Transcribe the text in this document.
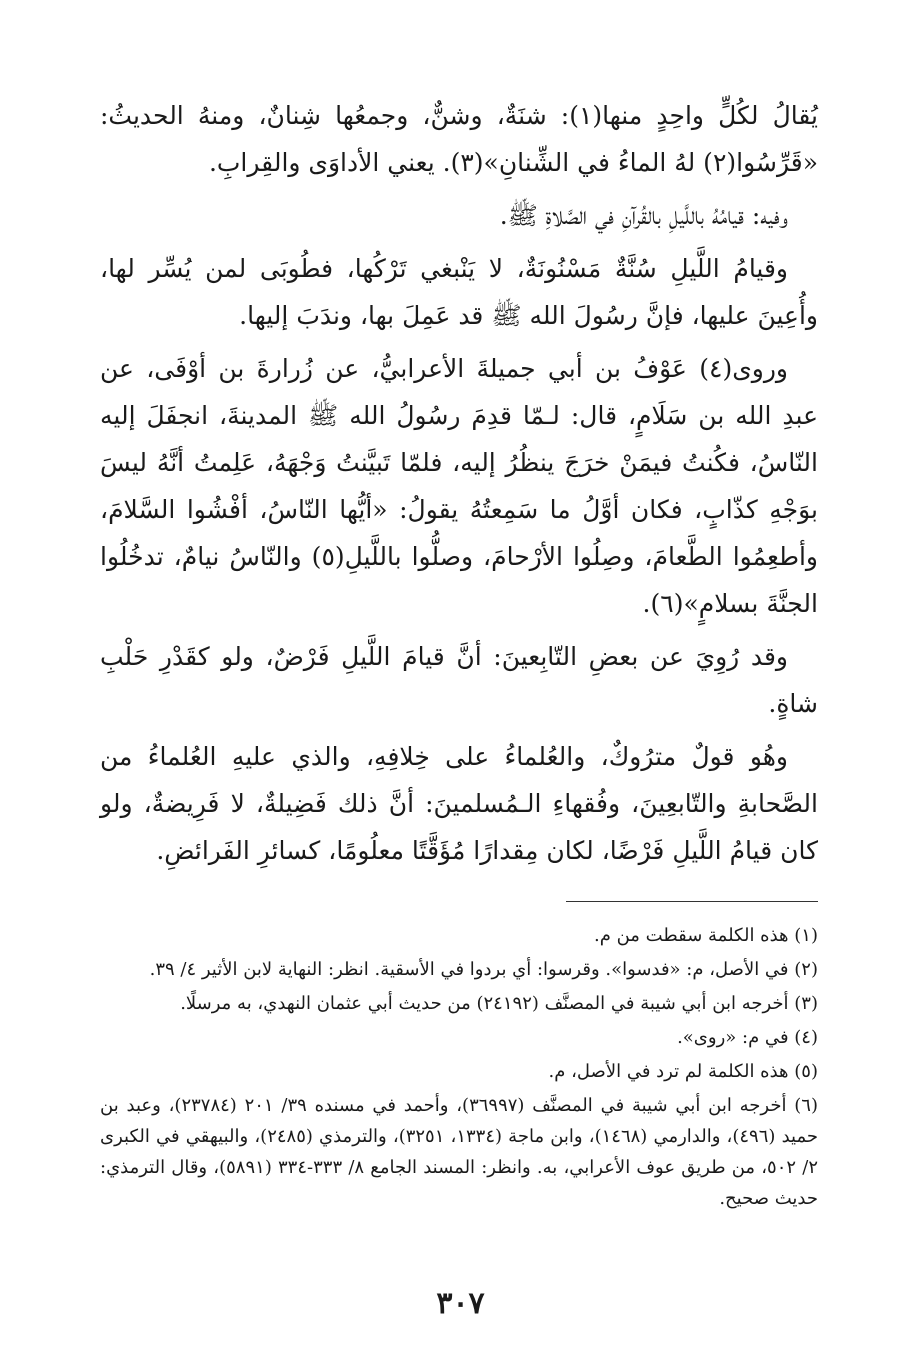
يُقالُ لكُلٍّ واحِدٍ منها(١): شنَةٌ، وشنٌّ، وجمعُها شِنانٌ، ومنهُ الحديثُ: «قَرِّسُوا(٢) لهُ الماءُ في الشِّنانِ»(٣). يعني الأداوَى والقِرابِ.

وفيه: قيامُهُ باللَّيلِ بالقُرآنِ في الصَّلاةِ ﷺ.

وقيامُ اللَّيلِ سُنَّةٌ مَسْنُونَةٌ، لا يَنْبغي تَرْكُها، فطُوبَى لمن يُسِّر لها، وأُعِينَ عليها، فإنَّ رسُولَ الله ﷺ قد عَمِلَ بها، وندَبَ إليها.

وروى(٤) عَوْفُ بن أبي جميلةَ الأعرابيُّ، عن زُرارةَ بن أوْفَى، عن عبدِ الله بن سَلَامٍ، قال: لـمّا قدِمَ رسُولُ الله ﷺ المدينةَ، انجفَلَ إليه النّاسُ، فكُنتُ فيمَنْ خرَجَ ينظُرُ إليه، فلمّا تَبيَّنتُ وَجْهَهُ، عَلِمتُ أنَّهُ ليسَ بوَجْهِ كذّابٍ، فكان أوَّلُ ما سَمِعتُهُ يقولُ: «أيُّها النّاسُ، أفْشُوا السَّلامَ، وأطعِمُوا الطَّعامَ، وصِلُوا الأرْحامَ، وصلُّوا باللَّيلِ(٥) والنّاسُ نيامٌ، تدخُلُوا الجنَّةَ بسلامٍ»(٦).

وقد رُوِيَ عن بعضِ التّابِعينَ: أنَّ قيامَ اللَّيلِ فَرْضٌ، ولو كقَدْرِ حَلْبِ شاةٍ.

وهُو قولٌ مترُوكٌ، والعُلماءُ على خِلافِهِ، والذي عليهِ العُلماءُ من الصَّحابةِ والتّابعِينَ، وفُقهاءِ الـمُسلمينَ: أنَّ ذلك فَضِيلةٌ، لا فَرِيضةٌ، ولو كان قيامُ اللَّيلِ فَرْضًا، لكان مِقدارًا مُؤَقَّتًا معلُومًا، كسائرِ الفَرائضِ.

(١) هذه الكلمة سقطت من م.

(٢) في الأصل، م: «فدسوا». وقرسوا: أي بردوا في الأسقية. انظر: النهاية لابن الأثير ٤/ ٣٩.

(٣) أخرجه ابن أبي شيبة في المصنَّف (٢٤١٩٢) من حديث أبي عثمان النهدي، به مرسلًا.

(٤) في م: «روى».

(٥) هذه الكلمة لم ترد في الأصل، م.

(٦) أخرجه ابن أبي شيبة في المصنَّف (٣٦٩٩٧)، وأحمد في مسنده ٣٩/ ٢٠١ (٢٣٧٨٤)، وعبد بن حميد (٤٩٦)، والدارمي (١٤٦٨)، وابن ماجة (١٣٣٤، ٣٢٥١)، والترمذي (٢٤٨٥)، والبيهقي في الكبرى ٢/ ٥٠٢، من طريق عوف الأعرابي، به. وانظر: المسند الجامع ٨/ ٣٣٣-٣٣٤ (٥٨٩١)، وقال الترمذي: حديث صحيح.

٣٠٧
